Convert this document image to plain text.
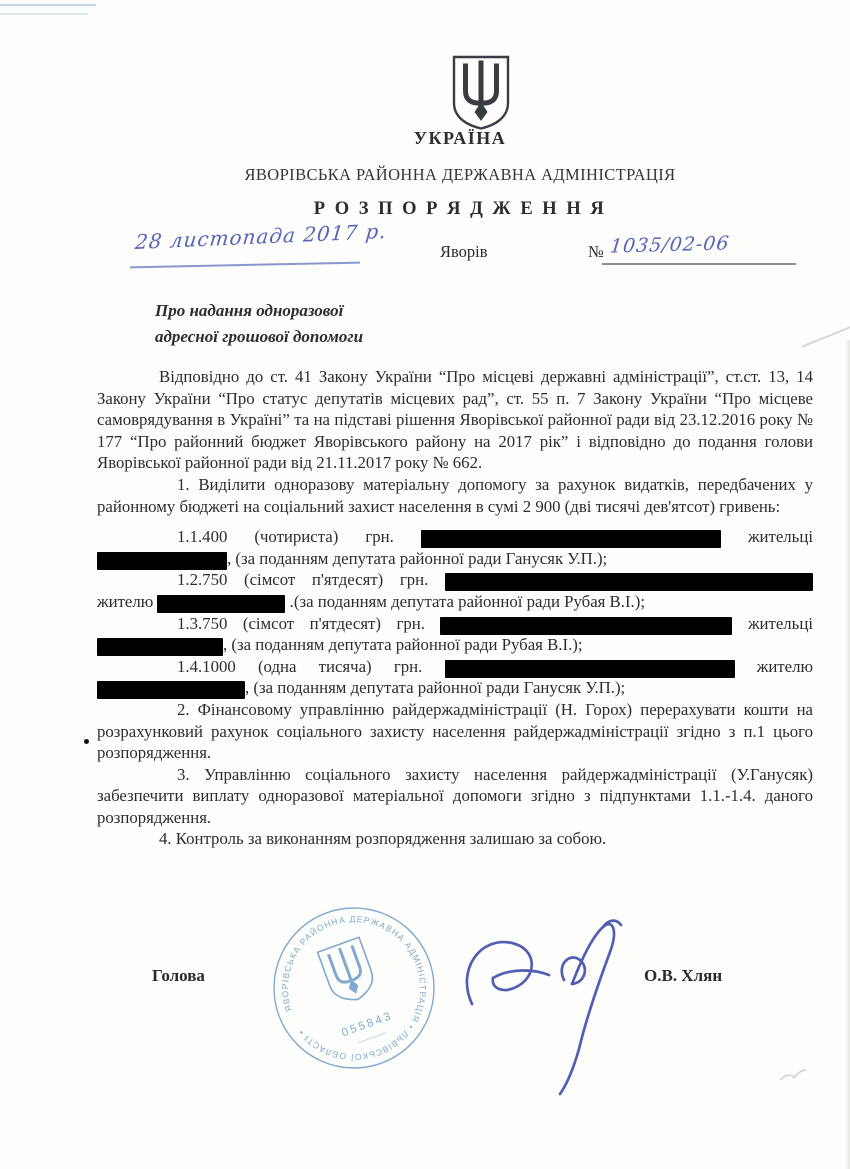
УКРАЇНА
ЯВОРІВСЬКА РАЙОННА ДЕРЖАВНА АДМІНІСТРАЦІЯ
Р О З П О Р Я Д Ж Е Н Н Я
28 листопада 2017 р.	Яворів	№ 1035/02-06
Про надання одноразової
адресної грошової допомоги

Відповідно до ст. 41 Закону України “Про місцеві державні адміністрації”, ст.ст. 13, 14 Закону України “Про статус депутатів місцевих рад”, ст. 55 п. 7 Закону України “Про місцеве самоврядування в Україні” та на підставі рішення Яворівської районної ради від 23.12.2016 року № 177 “Про районний бюджет Яворівського району на 2017 рік” і відповідно до подання голови Яворівської районної ради від 21.11.2017 року № 662.

1. Виділити одноразову матеріальну допомогу за рахунок видатків, передбачених у районному бюджеті на соціальний захист населення в сумі 2 900 (дві тисячі дев'ятсот) гривень:

1.1.400 (чотириста) грн.	жительці , (за поданням депутата районної ради Ганусяк У.П.);

1.2.750 (сімсот п'ятдесят) грн.  жителю	.(за поданням депутата районної ради Рубая В.І.);

1.3.750 (сімсот п'ятдесят) грн.	жительці , (за поданням депутата районної ради Рубая В.І.);

1.4.1000 (одна тисяча) грн.	жителю , (за поданням депутата районної ради Ганусяк У.П.);

2. Фінансовому управлінню райдержадміністрації (Н. Горох) перерахувати кошти на розрахунковий рахунок соціального захисту населення райдержадміністрації згідно з п.1 цього розпорядження.

3. Управлінню соціального захисту населення райдержадміністрації (У.Ганусяк) забезпечити виплату одноразової матеріальної допомоги згідно з підпунктами 1.1.-1.4. даного розпорядження.

4. Контроль за виконанням розпорядження залишаю за собою.

Голова	О.В. Хлян
ЯВОРІВСЬКА РАЙОННА ДЕРЖАВНА АДМІНІСТРАЦІЯ • ЛЬВІВСЬКОЇ ОБЛАСТІ •	055843
